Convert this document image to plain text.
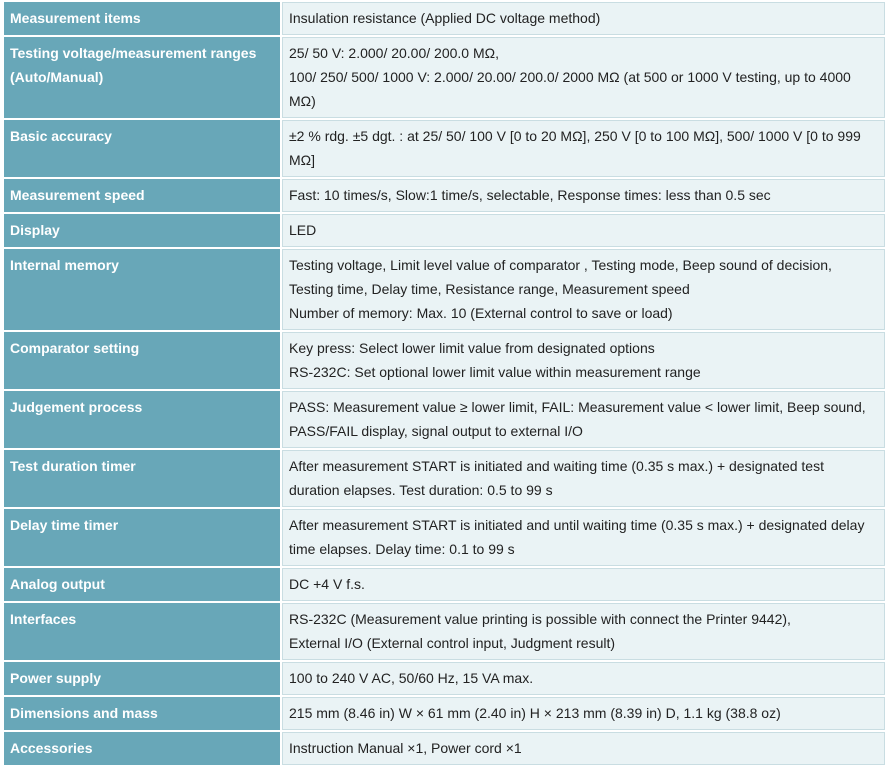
Measurement items	Insulation resistance (Applied DC voltage method)

Testing voltage/measurement ranges (Auto/Manual)	25/ 50 V: 2.000/ 20.00/ 200.0 MΩ,
100/ 250/ 500/ 1000 V: 2.000/ 20.00/ 200.0/ 2000 MΩ (at 500 or 1000 V testing, up to 4000 MΩ)

Basic accuracy	±2 % rdg. ±5 dgt. : at 25/ 50/ 100 V [0 to 20 MΩ], 250 V [0 to 100 MΩ], 500/ 1000 V [0 to 999 MΩ]

Measurement speed	Fast: 10 times/s, Slow:1 time/s, selectable, Response times: less than 0.5 sec

Display	LED

Internal memory	Testing voltage, Limit level value of comparator , Testing mode, Beep sound of decision, Testing time, Delay time, Resistance range, Measurement speed
Number of memory: Max. 10 (External control to save or load)

Comparator setting	Key press: Select lower limit value from designated options
RS-232C: Set optional lower limit value within measurement range

Judgement process	PASS: Measurement value ≥ lower limit, FAIL: Measurement value < lower limit, Beep sound, PASS/FAIL display, signal output to external I/O

Test duration timer	After measurement START is initiated and waiting time (0.35 s max.) + designated test duration elapses. Test duration: 0.5 to 99 s

Delay time timer	After measurement START is initiated and until waiting time (0.35 s max.) + designated delay time elapses. Delay time: 0.1 to 99 s

Analog output	DC +4 V f.s.

Interfaces	RS-232C (Measurement value printing is possible with connect the Printer 9442),
External I/O (External control input, Judgment result)

Power supply	100 to 240 V AC, 50/60 Hz, 15 VA max.

Dimensions and mass	215 mm (8.46 in) W × 61 mm (2.40 in) H × 213 mm (8.39 in) D, 1.1 kg (38.8 oz)

Accessories	Instruction Manual ×1, Power cord ×1
